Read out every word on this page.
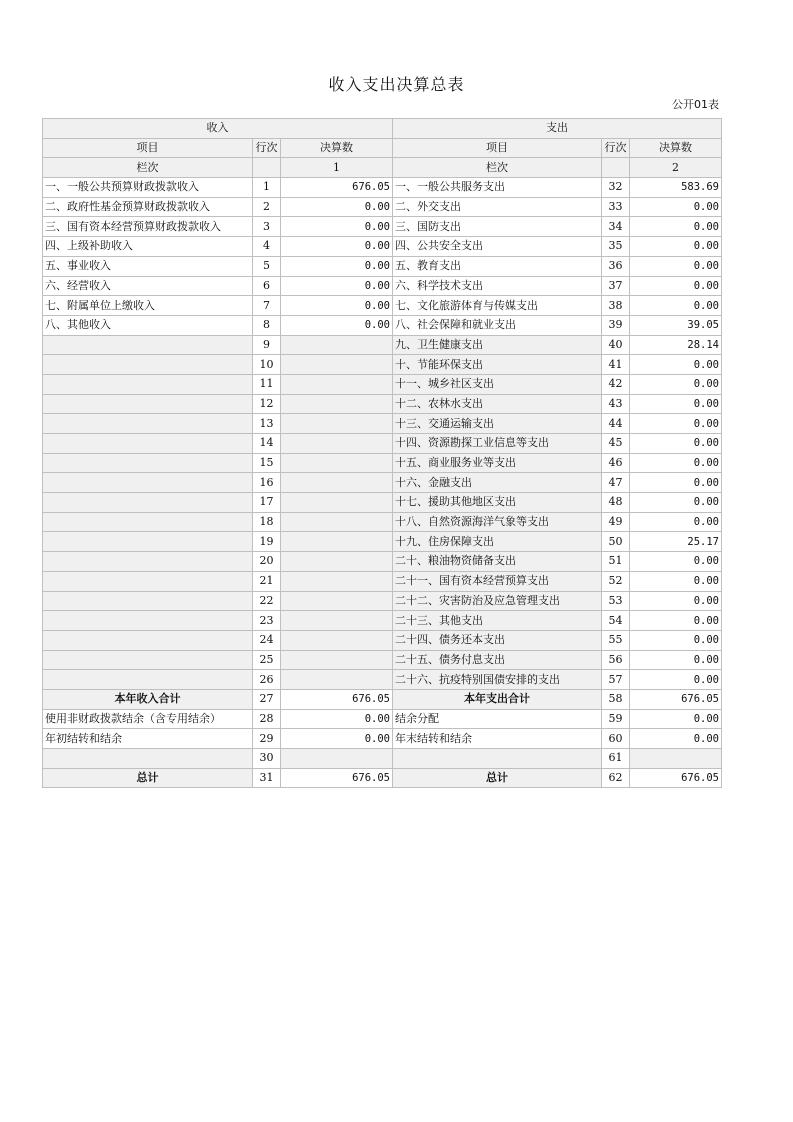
收入支出决算总表
公开01表
收入			支出		
项目	行次	决算数	项目	行次	决算数
栏次		1	栏次		2
一、一般公共预算财政拨款收入	1	676.05	一、一般公共服务支出	32	583.69
二、政府性基金预算财政拨款收入	2	0.00	二、外交支出	33	0.00
三、国有资本经营预算财政拨款收入	3	0.00	三、国防支出	34	0.00
四、上级补助收入	4	0.00	四、公共安全支出	35	0.00
五、事业收入	5	0.00	五、教育支出	36	0.00
六、经营收入	6	0.00	六、科学技术支出	37	0.00
七、附属单位上缴收入	7	0.00	七、文化旅游体育与传媒支出	38	0.00
八、其他收入	8	0.00	八、社会保障和就业支出	39	39.05
	9		九、卫生健康支出	40	28.14
	10		十、节能环保支出	41	0.00
	11		十一、城乡社区支出	42	0.00
	12		十二、农林水支出	43	0.00
	13		十三、交通运输支出	44	0.00
	14		十四、资源勘探工业信息等支出	45	0.00
	15		十五、商业服务业等支出	46	0.00
	16		十六、金融支出	47	0.00
	17		十七、援助其他地区支出	48	0.00
	18		十八、自然资源海洋气象等支出	49	0.00
	19		十九、住房保障支出	50	25.17
	20		二十、粮油物资储备支出	51	0.00
	21		二十一、国有资本经营预算支出	52	0.00
	22		二十二、灾害防治及应急管理支出	53	0.00
	23		二十三、其他支出	54	0.00
	24		二十四、债务还本支出	55	0.00
	25		二十五、债务付息支出	56	0.00
	26		二十六、抗疫特别国债安排的支出	57	0.00
本年收入合计	27	676.05	本年支出合计	58	676.05
使用非财政拨款结余（含专用结余）	28	0.00	结余分配	59	0.00
年初结转和结余	29	0.00	年末结转和结余	60	0.00
	30			61	
总计	31	676.05	总计	62	676.05
